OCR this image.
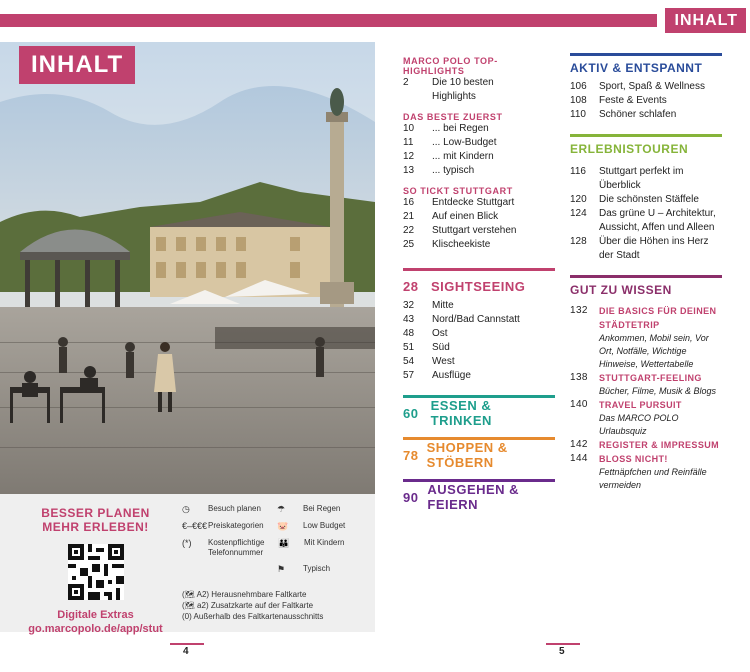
INHALT
INHALT
BESSER PLANEN
MEHR ERLEBEN!
Digitale Extras
go.marcopolo.de/app/stut
◷	Besuch planen ☂	Bei Regen
€–€€€ Preiskategorien 🐷	Low Budget
(*)	Kostenpflichtige Telefonnummer
👪	Mit Kindern
⚑	Typisch
(🗺 A2) Herausnehmbare Faltkarte
(🗺 a2) Zusatzkarte auf der Faltkarte
(0) Außerhalb des Faltkartenausschnitts
4	5
MARCO POLO TOP-HIGHLIGHTS
2	Die 10 besten Highlights
DAS BESTE ZUERST
10	... bei Regen
11	... Low-Budget
12	... mit Kindern
13	... typisch
SO TICKT STUTTGART
16	Entdecke Stuttgart
21	Auf einen Blick
22	Stuttgart verstehen
25	Klischeekiste
28 SIGHTSEEING
32	Mitte
43	Nord/Bad Cannstatt
48	Ost
51	Süd
54	West
57	Ausflüge
60 ESSEN & TRINKEN
78 SHOPPEN & STÖBERN
90 AUSGEHEN & FEIERN
AKTIV & ENTSPANNT
106	Sport, Spaß & Wellness
108	Feste & Events
110	Schöner schlafen
ERLEBNISTOUREN
116	Stuttgart perfekt im Überblick
120	Die schönsten Stäffele
124	Das grüne U – Architektur, Aussicht, Affen und Alleen
128	Über die Höhen ins Herz der Stadt
GUT ZU WISSEN
132	DIE BASICS FÜR DEINEN STÄDTETRIP
Ankommen, Mobil sein, Vor Ort, Notfälle, Wichtige Hinweise, Wettertabelle
138	STUTTGART-FEELING
Bücher, Filme, Musik & Blogs
140	TRAVEL PURSUIT
Das MARCO POLO Urlaubsquiz
142	REGISTER & IMPRESSUM
144	BLOSS NICHT!
Fettnäpfchen und Reinfälle vermeiden
